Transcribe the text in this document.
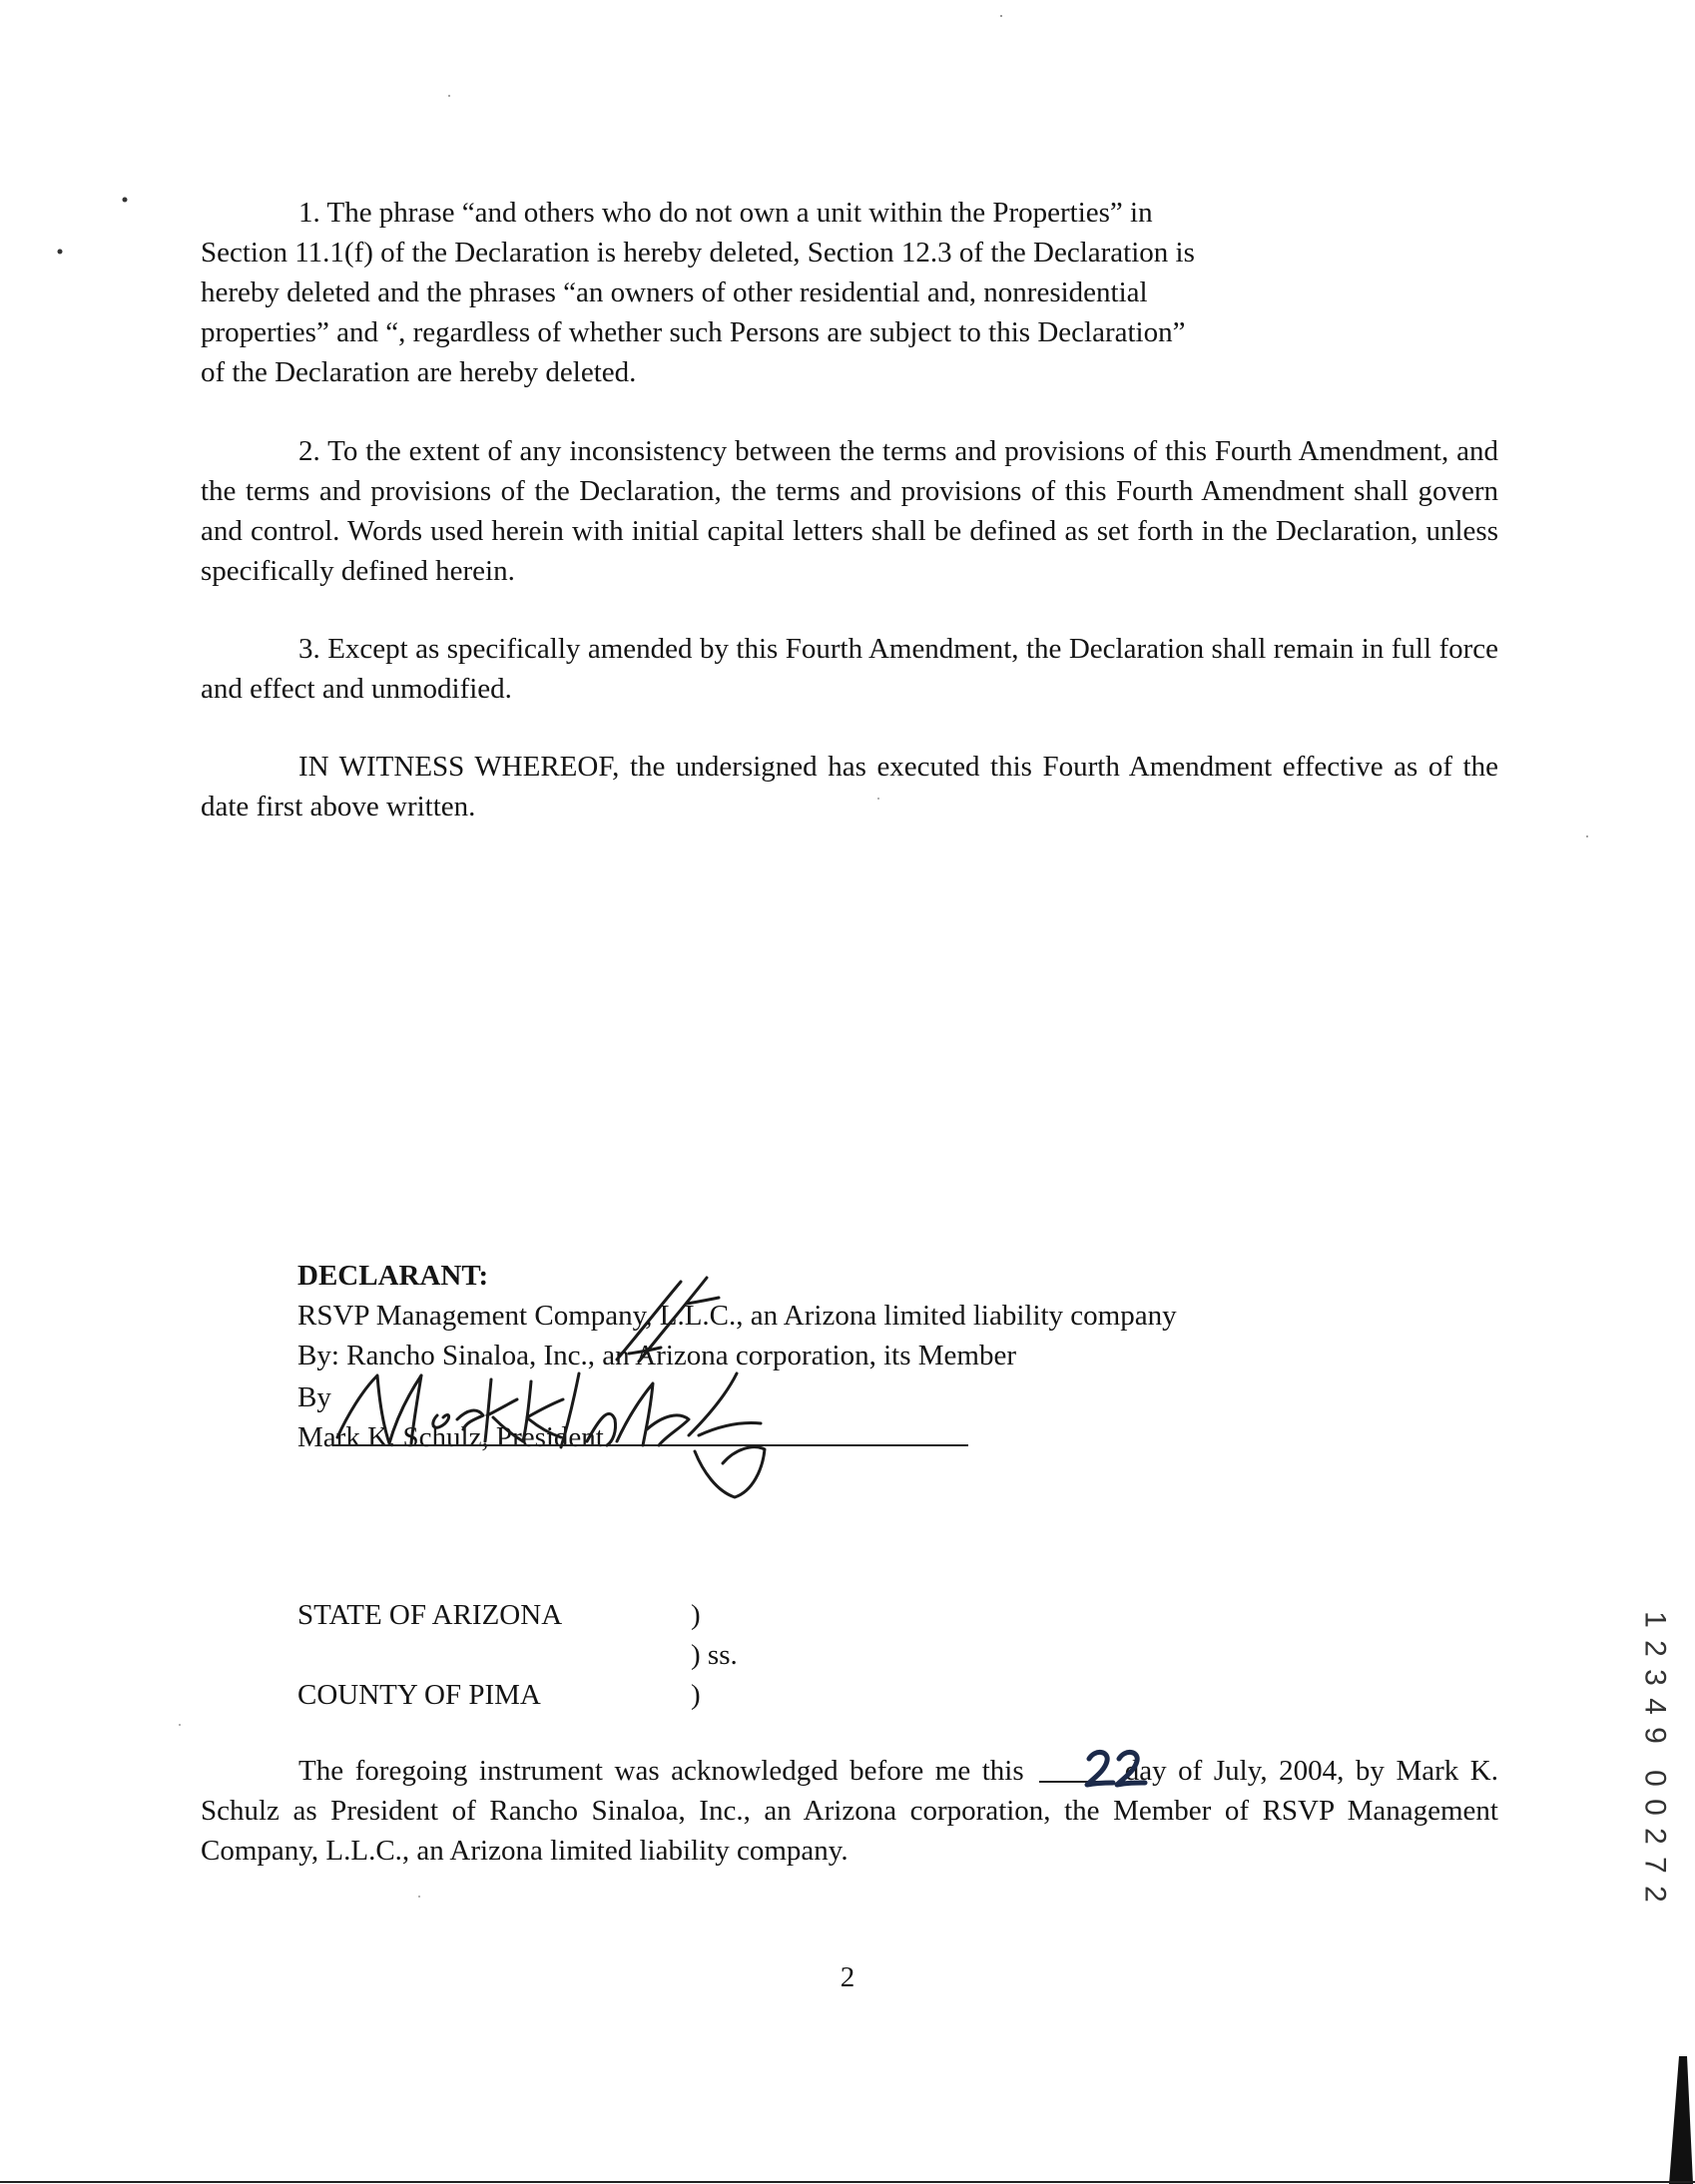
1. The phrase “and others who do not own a unit within the Properties” in
Section 11.1(f) of the Declaration is hereby deleted, Section 12.3 of the Declaration is
hereby deleted and the phrases “an owners of other residential and, nonresidential
properties” and “, regardless of whether such Persons are subject to this Declaration”
of the Declaration are hereby deleted.

2. To the extent of any inconsistency between the terms and provisions of this Fourth Amendment, and the terms and provisions of the Declaration, the terms and provisions of this Fourth Amendment shall govern and control. Words used herein with initial capital letters shall be defined as set forth in the Declaration, unless specifically defined herein.

3. Except as specifically amended by this Fourth Amendment, the Declaration shall remain in full force and effect and unmodified.

IN WITNESS WHEREOF, the undersigned has executed this Fourth Amendment effective as of the date first above written.

DECLARANT:
RSVP Management Company, L.L.C., an Arizona limited liability company
By: Rancho Sinaloa, Inc., an Arizona corporation, its Member
By
Mark K. Schulz, President
STATE OF ARIZONA	)
) ss.
COUNTY OF PIMA	)

The foregoing instrument was acknowledged before me this	day of July, 2004, by Mark K. Schulz as President of Rancho Sinaloa, Inc., an Arizona corporation, the Member of RSVP Management Company, L.L.C., an Arizona limited liability company.

2
1
2
3
4
9
0
0
2
7
2
